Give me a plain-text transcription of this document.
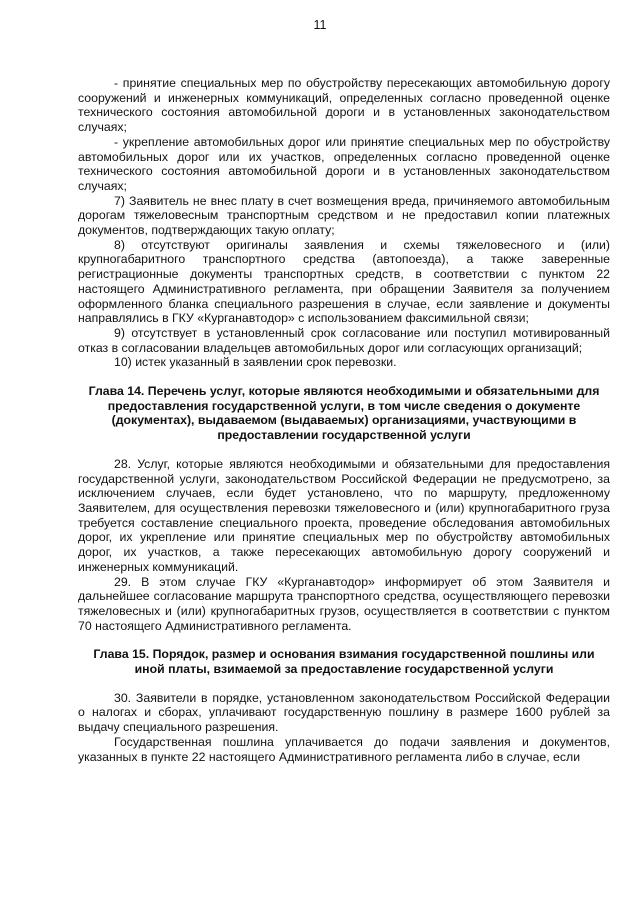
11

- принятие специальных мер по обустройству пересекающих автомобильную дорогу сооружений и инженерных коммуникаций, определенных согласно проведенной оценке технического состояния автомобильной дороги и в установленных законодательством случаях;

- укрепление автомобильных дорог или принятие специальных мер по обустройству автомобильных дорог или их участков, определенных согласно проведенной оценке технического состояния автомобильной дороги и в установленных законодательством случаях;

7) Заявитель не внес плату в счет возмещения вреда, причиняемого автомобильным дорогам тяжеловесным транспортным средством и не предоставил копии платежных документов, подтверждающих такую оплату;

8) отсутствуют оригиналы заявления и схемы тяжеловесного и (или) крупногабаритного транспортного средства (автопоезда), а также заверенные регистрационные документы транспортных средств, в соответствии с пунктом 22 настоящего Административного регламента, при обращении Заявителя за получением оформленного бланка специального разрешения в случае, если заявление и документы направлялись в ГКУ «Курганавтодор» с использованием факсимильной связи;

9) отсутствует в установленный срок согласование или поступил мотивированный отказ в согласовании владельцев автомобильных дорог или согласующих организаций;

10) истек указанный в заявлении срок перевозки.

Глава 14. Перечень услуг, которые являются необходимыми и обязательными для предоставления государственной услуги, в том числе сведения о документе (документах), выдаваемом (выдаваемых) организациями, участвующими в предоставлении государственной услуги

28. Услуг, которые являются необходимыми и обязательными для предоставления государственной услуги, законодательством Российской Федерации не предусмотрено, за исключением случаев, если будет установлено, что по маршруту, предложенному Заявителем, для осуществления перевозки тяжеловесного и (или) крупногабаритного груза требуется составление специального проекта, проведение обследования автомобильных дорог, их укрепление или принятие специальных мер по обустройству автомобильных дорог, их участков, а также пересекающих автомобильную дорогу сооружений и инженерных коммуникаций.

29. В этом случае ГКУ «Курганавтодор» информирует об этом Заявителя и дальнейшее согласование маршрута транспортного средства, осуществляющего перевозки тяжеловесных и (или) крупногабаритных грузов, осуществляется в соответствии с пунктом 70 настоящего Административного регламента.

Глава 15. Порядок, размер и основания взимания государственной пошлины или иной платы, взимаемой за предоставление государственной услуги

30. Заявители в порядке, установленном законодательством Российской Федерации о налогах и сборах, уплачивают государственную пошлину в размере 1600 рублей за выдачу специального разрешения.

Государственная пошлина уплачивается до подачи заявления и документов, указанных в пункте 22 настоящего Административного регламента либо в случае, если
